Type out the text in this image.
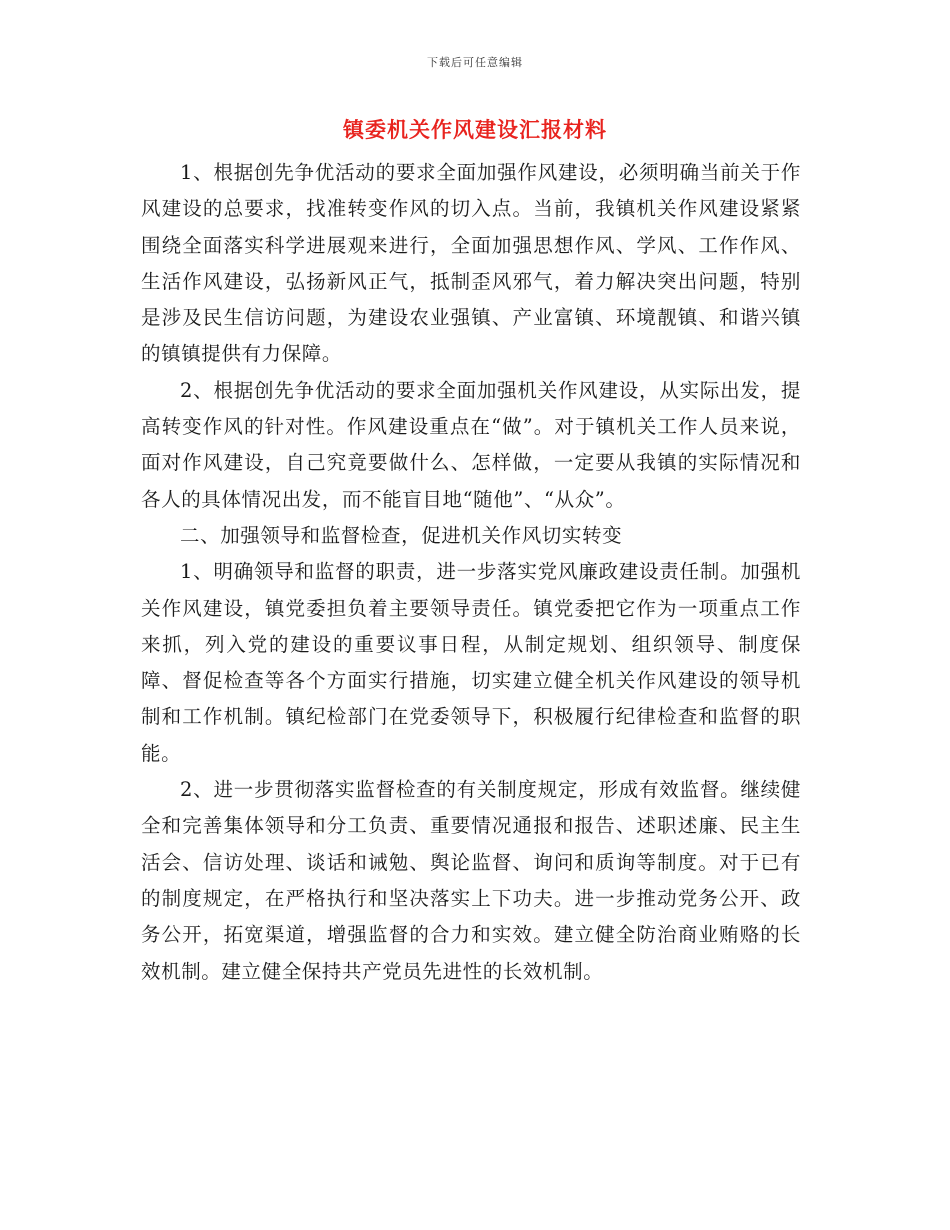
下载后可任意编辑
镇委机关作风建设汇报材料

1、根据创先争优活动的要求全面加强作风建设，必须明确当前关于作风建设的总要求，找准转变作风的切入点。当前，我镇机关作风建设紧紧围绕全面落实科学进展观来进行，全面加强思想作风、学风、工作作风、生活作风建设，弘扬新风正气，抵制歪风邪气，着力解决突出问题，特别是涉及民生信访问题，为建设农业强镇、产业富镇、环境靓镇、和谐兴镇的镇镇提供有力保障。

2、根据创先争优活动的要求全面加强机关作风建设，从实际出发，提高转变作风的针对性。作风建设重点在“做”。对于镇机关工作人员来说，面对作风建设，自己究竟要做什么、怎样做，一定要从我镇的实际情况和各人的具体情况出发，而不能盲目地“随他”、“从众”。

二、加强领导和监督检查，促进机关作风切实转变

1、明确领导和监督的职责，进一步落实党风廉政建设责任制。加强机关作风建设，镇党委担负着主要领导责任。镇党委把它作为一项重点工作来抓，列入党的建设的重要议事日程，从制定规划、组织领导、制度保障、督促检查等各个方面实行措施，切实建立健全机关作风建设的领导机制和工作机制。镇纪检部门在党委领导下，积极履行纪律检查和监督的职能。

2、进一步贯彻落实监督检查的有关制度规定，形成有效监督。继续健全和完善集体领导和分工负责、重要情况通报和报告、述职述廉、民主生活会、信访处理、谈话和诫勉、舆论监督、询问和质询等制度。对于已有的制度规定，在严格执行和坚决落实上下功夫。进一步推动党务公开、政务公开，拓宽渠道，增强监督的合力和实效。建立健全防治商业贿赂的长效机制。建立健全保持共产党员先进性的长效机制。
